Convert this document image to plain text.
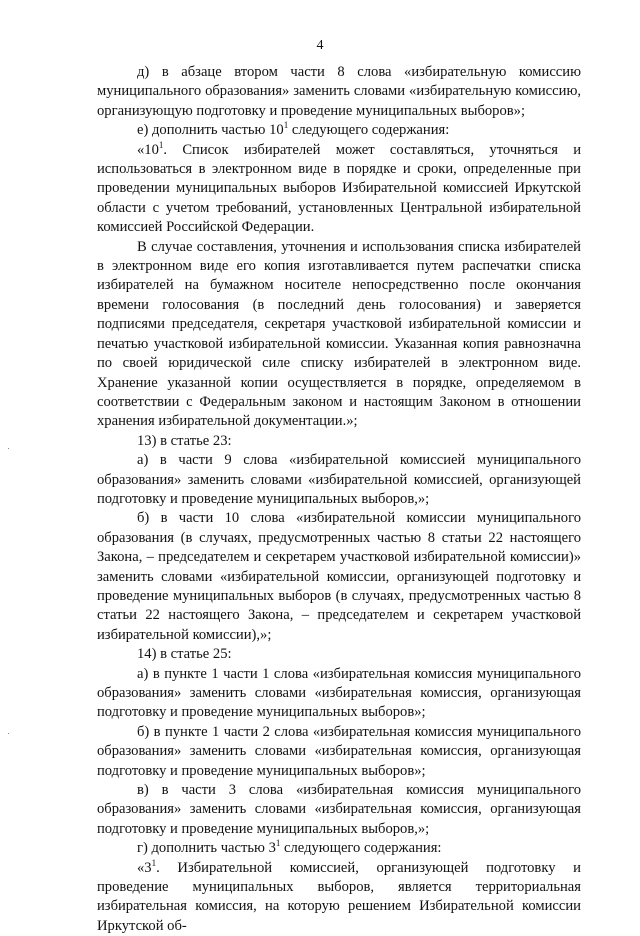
4

д) в абзаце втором части 8 слова «избирательную комиссию муниципального образования» заменить словами «избирательную комиссию, организующую подготовку и проведение муниципальных выборов»;

е) дополнить частью $10^1$ следующего содержания:

«$10^1$. Список избирателей может составляться, уточняться и использоваться в электронном виде в порядке и сроки, определенные при проведении муниципальных выборов Избирательной комиссией Иркутской области с учетом требований, установленных Центральной избирательной комиссией Российской Федерации.

В случае составления, уточнения и использования списка избирателей в электронном виде его копия изготавливается путем распечатки списка избирателей на бумажном носителе непосредственно после окончания времени голосования (в последний день голосования) и заверяется подписями председателя, секретаря участковой избирательной комиссии и печатью участковой избирательной комиссии. Указанная копия равнозначна по своей юридической силе списку избирателей в электронном виде. Хранение указанной копии осуществляется в порядке, определяемом в соответствии с Федеральным законом и настоящим Законом в отношении хранения избирательной документации.»;

13) в статье 23:

а) в части 9 слова «избирательной комиссией муниципального образования» заменить словами «избирательной комиссией, организующей подготовку и проведение муниципальных выборов,»;

б) в части 10 слова «избирательной комиссии муниципального образования (в случаях, предусмотренных частью 8 статьи 22 настоящего Закона, – председателем и секретарем участковой избирательной комиссии)» заменить словами «избирательной комиссии, организующей подготовку и проведение муниципальных выборов (в случаях, предусмотренных частью 8 статьи 22 настоящего Закона, – председателем и секретарем участковой избирательной комиссии),»;

14) в статье 25:

а) в пункте 1 части 1 слова «избирательная комиссия муниципального образования» заменить словами «избирательная комиссия, организующая подготовку и проведение муниципальных выборов»;

б) в пункте 1 части 2 слова «избирательная комиссия муниципального образования» заменить словами «избирательная комиссия, организующая подготовку и проведение муниципальных выборов»;

в) в части 3 слова «избирательная комиссия муниципального образования» заменить словами «избирательная комиссия, организующая подготовку и проведение муниципальных выборов,»;

г) дополнить частью $3^1$ следующего содержания:

«$3^1$. Избирательной комиссией, организующей подготовку и проведение муниципальных выборов, является территориальная избирательная комиссия, на которую решением Избирательной комиссии Иркутской об-
